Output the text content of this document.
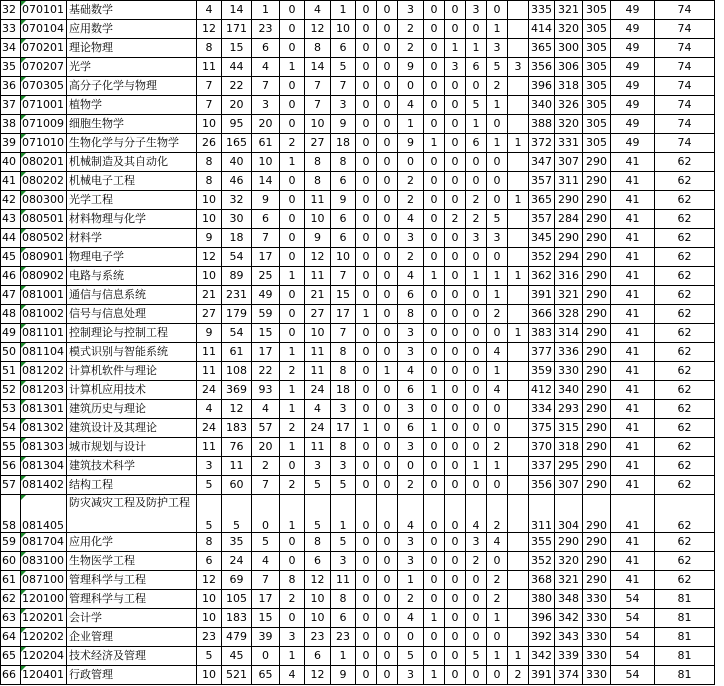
32	070101	基础数学	4	14	1	0	4	1	0	0	3	0	0	3	0		335	321	305	49	74
33	070104	应用数学	12	171	23	0	12	10	0	0	2	0	0	0	1		414	320	305	49	74
34	070201	理论物理	8	15	6	0	8	6	0	0	2	0	1	1	3		365	300	305	49	74
35	070207	光学	11	44	4	1	14	5	0	0	9	0	3	6	5	3	356	306	305	49	74
36	070305	高分子化学与物理	7	22	7	0	7	7	0	0	0	0	0	0	2		396	318	305	49	74
37	071001	植物学	7	20	3	0	7	3	0	0	4	0	0	5	1		340	326	305	49	74
38	071009	细胞生物学	10	95	20	0	10	9	0	0	1	0	0	1	0		388	320	305	49	74
39	071010	生物化学与分子生物学	26	165	61	2	27	18	0	0	9	1	0	6	1	1	372	331	305	49	74
40	080201	机械制造及其自动化	8	40	10	1	8	8	0	0	0	0	0	0	0		347	307	290	41	62
41	080202	机械电子工程	8	46	14	0	8	6	0	0	2	0	0	0	0		357	311	290	41	62
42	080300	光学工程	10	32	9	0	11	9	0	0	2	0	0	2	0	1	365	290	290	41	62
43	080501	材料物理与化学	10	30	6	0	10	6	0	0	4	0	2	2	5		357	284	290	41	62
44	080502	材料学	9	18	7	0	9	6	0	0	3	0	0	3	3		345	290	290	41	62
45	080901	物理电子学	12	54	17	0	12	10	0	0	2	0	0	0	0		352	294	290	41	62
46	080902	电路与系统	10	89	25	1	11	7	0	0	4	1	0	1	1	1	362	316	290	41	62
47	081001	通信与信息系统	21	231	49	0	21	15	0	0	6	0	0	0	1		391	321	290	41	62
48	081002	信号与信息处理	27	179	59	0	27	17	1	0	8	0	0	0	2		366	328	290	41	62
49	081101	控制理论与控制工程	9	54	15	0	10	7	0	0	3	0	0	0	0	1	383	314	290	41	62
50	081104	模式识别与智能系统	11	61	17	1	11	8	0	0	3	0	0	0	4		377	336	290	41	62
51	081202	计算机软件与理论	11	108	22	2	11	8	0	1	4	0	0	0	1		359	330	290	41	62
52	081203	计算机应用技术	24	369	93	1	24	18	0	0	6	1	0	0	4		412	340	290	41	62
53	081301	建筑历史与理论	4	12	4	1	4	3	0	0	3	0	0	0	0		334	293	290	41	62
54	081302	建筑设计及其理论	24	183	57	2	24	17	1	0	6	1	0	0	0		375	315	290	41	62
55	081303	城市规划与设计	11	76	20	1	11	8	0	0	3	0	0	0	2		370	318	290	41	62
56	081304	建筑技术科学	3	11	2	0	3	3	0	0	0	0	0	1	1		337	295	290	41	62
57	081402	结构工程	5	60	7	2	5	5	0	0	2	0	0	0	0		356	307	290	41	62
58	081405	防灾减灾工程及防护工程	5	5	0	1	5	1	0	0	4	0	0	4	2		311	304	290	41	62
59	081704	应用化学	8	35	5	0	8	5	0	0	3	0	0	3	4		355	290	290	41	62
60	083100	生物医学工程	6	24	4	0	6	3	0	0	3	0	0	2	0		352	320	290	41	62
61	087100	管理科学与工程	12	69	7	8	12	11	0	0	1	0	0	0	2		368	321	290	41	62
62	120100	管理科学与工程	10	105	17	2	10	8	0	0	2	0	0	0	2		380	348	330	54	81
63	120201	会计学	10	183	15	0	10	6	0	0	4	1	0	0	1		396	342	330	54	81
64	120202	企业管理	23	479	39	3	23	23	0	0	0	0	0	0	0		392	343	330	54	81
65	120204	技术经济及管理	5	45	0	1	6	1	0	0	5	0	0	5	1	1	342	339	330	54	81
66	120401	行政管理	10	521	65	4	12	9	0	0	3	1	0	0	0	2	391	374	330	54	81
